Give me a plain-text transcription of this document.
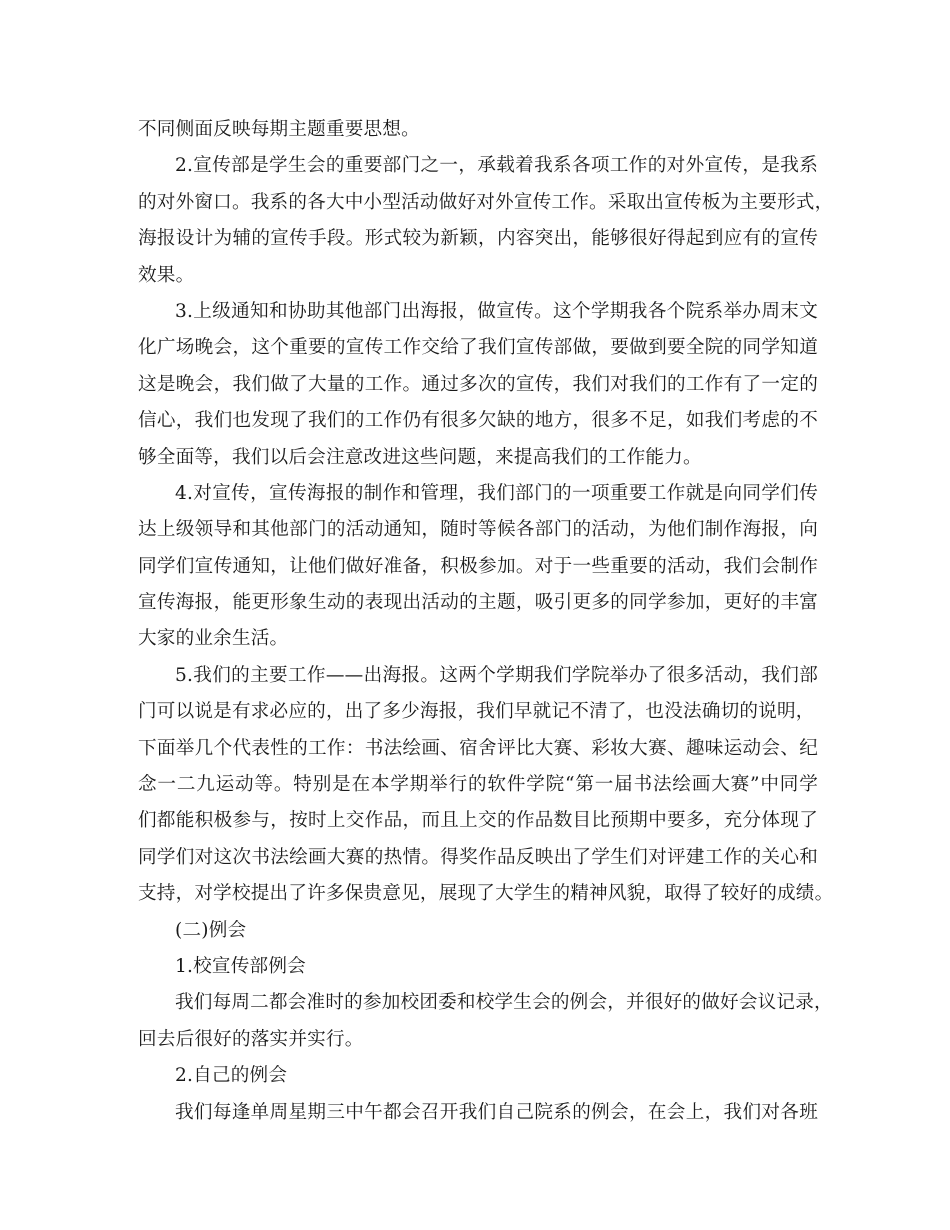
不同侧面反映每期主题重要思想。
2.宣传部是学生会的重要部门之一，承载着我系各项工作的对外宣传，是我系
的对外窗口。我系的各大中小型活动做好对外宣传工作。采取出宣传板为主要形式，
海报设计为辅的宣传手段。形式较为新颖，内容突出，能够很好得起到应有的宣传
效果。
3.上级通知和协助其他部门出海报，做宣传。这个学期我各个院系举办周末文
化广场晚会，这个重要的宣传工作交给了我们宣传部做，要做到要全院的同学知道
这是晚会，我们做了大量的工作。通过多次的宣传，我们对我们的工作有了一定的
信心，我们也发现了我们的工作仍有很多欠缺的地方，很多不足，如我们考虑的不
够全面等，我们以后会注意改进这些问题，来提高我们的工作能力。
4.对宣传，宣传海报的制作和管理，我们部门的一项重要工作就是向同学们传
达上级领导和其他部门的活动通知，随时等候各部门的活动，为他们制作海报，向
同学们宣传通知，让他们做好准备，积极参加。对于一些重要的活动，我们会制作
宣传海报，能更形象生动的表现出活动的主题，吸引更多的同学参加，更好的丰富
大家的业余生活。
5.我们的主要工作——出海报。这两个学期我们学院举办了很多活动，我们部
门可以说是有求必应的，出了多少海报，我们早就记不清了，也没法确切的说明，
下面举几个代表性的工作：书法绘画、宿舍评比大赛、彩妆大赛、趣味运动会、纪
念一二九运动等。特别是在本学期举行的软件学院“第一届书法绘画大赛”中同学
们都能积极参与，按时上交作品，而且上交的作品数目比预期中要多，充分体现了
同学们对这次书法绘画大赛的热情。得奖作品反映出了学生们对评建工作的关心和
支持，对学校提出了许多保贵意见，展现了大学生的精神风貌，取得了较好的成绩。
(二)例会
1.校宣传部例会
我们每周二都会准时的参加校团委和校学生会的例会，并很好的做好会议记录，
回去后很好的落实并实行。
2.自己的例会
我们每逢单周星期三中午都会召开我们自己院系的例会，在会上，我们对各班
